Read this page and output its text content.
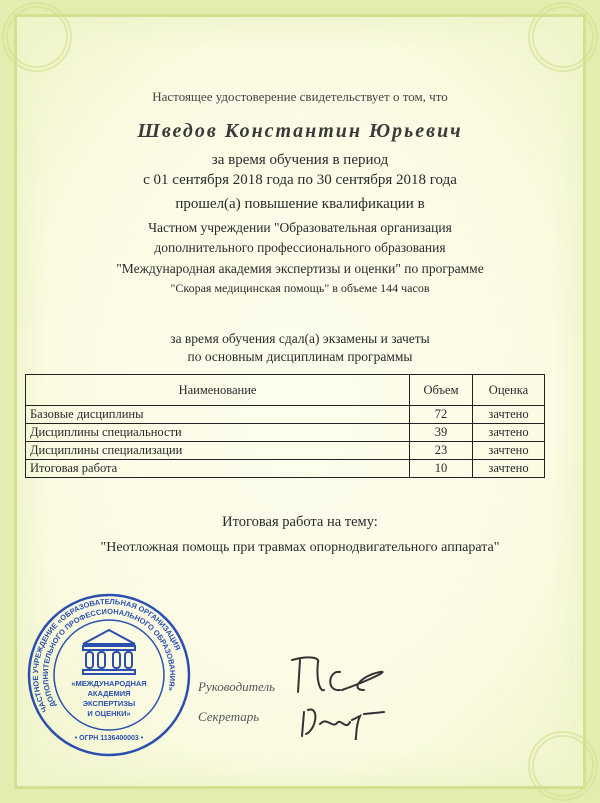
Настоящее удостоверение свидетельствует о том, что
Шведов Константин Юрьевич
за время обучения в период
с 01 сентября 2018 года по 30 сентября 2018 года
прошел(а) повышение квалификации в
Частном учреждении "Образовательная организация
дополнительного профессионального образования
"Международная академия экспертизы и оценки" по программе
"Скорая медицинская помощь" в объеме 144 часов
за время обучения сдал(а) экзамены и зачеты
по основным дисциплинам программы
Наименование	Объем	Оценка
Базовые дисциплины	72	зачтено
Дисциплины специальности	39	зачтено
Дисциплины специализации	23	зачтено
Итоговая работа	10	зачтено
Итоговая работа на тему:
"Неотложная помощь при травмах опорнодвигательного аппарата"
ЧАСТНОЕ УЧРЕЖДЕНИЕ «ОБРАЗОВАТЕЛЬНАЯ ОРГАНИЗАЦИЯ
ДОПОЛНИТЕЛЬНОГО ПРОФЕССИОНАЛЬНОГО ОБРАЗОВАНИЯ»
«МЕЖДУНАРОДНАЯ
АКАДЕМИЯ
ЭКСПЕРТИЗЫ
И ОЦЕНКИ»
• ОГРН 1136400003 •
Руководитель
Секретарь
